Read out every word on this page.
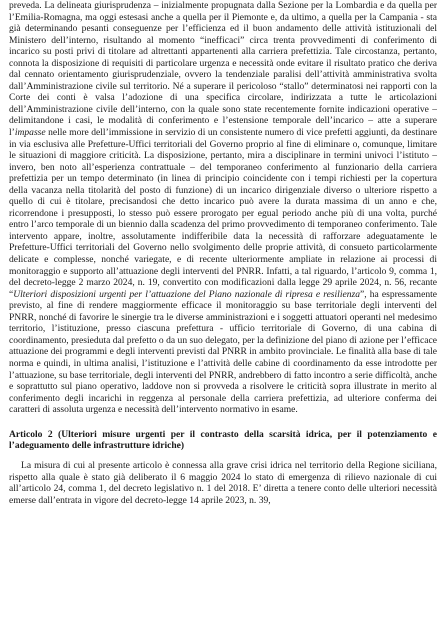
preveda. La delineata giurisprudenza – inizialmente propugnata dalla Sezione per la Lombardia e da quella per l’Emilia-Romagna, ma oggi estesasi anche a quella per il Piemonte e, da ultimo, a quella per la Campania - sta già determinando pesanti conseguenze per l’efficienza ed il buon andamento delle attività istituzionali del Ministero dell’interno, risultando al momento “inefficaci” circa trenta provvedimenti di conferimento di incarico su posti privi di titolare ad altrettanti appartenenti alla carriera prefettizia. Tale circostanza, pertanto, connota la disposizione di requisiti di particolare urgenza e necessità onde evitare il risultato pratico che deriva dal cennato orientamento giurisprudenziale, ovvero la tendenziale paralisi dell’attività amministrativa svolta dall’Amministrazione civile sul territorio. Né a superare il pericoloso “stallo” determinatosi nei rapporti con la Corte dei conti è valsa l’adozione di una specifica circolare, indirizzata a tutte le articolazioni dell’Amministrazione civile dell’interno, con la quale sono state recentemente fornite indicazioni operative – delimitandone i casi, le modalità di conferimento e l’estensione temporale dell’incarico – atte a superare l’impasse nelle more dell’immissione in servizio di un consistente numero di vice prefetti aggiunti, da destinare in via esclusiva alle Prefetture-Uffici territoriali del Governo proprio al fine di eliminare o, comunque, limitare le situazioni di maggiore criticità. La disposizione, pertanto, mira a disciplinare in termini univoci l’istituto – invero, ben noto all’esperienza contrattuale – del temporaneo conferimento al funzionario della carriera prefettizia per un tempo determinato (in linea di principio coincidente con i tempi richiesti per la copertura della vacanza nella titolarità del posto di funzione) di un incarico dirigenziale diverso o ulteriore rispetto a quello di cui è titolare, precisandosi che detto incarico può avere la durata massima di un anno e che, ricorrendone i presupposti, lo stesso può essere prorogato per egual periodo anche più di una volta, purché entro l’arco temporale di un biennio dalla scadenza del primo provvedimento di temporaneo conferimento. Tale intervento appare, inoltre, assolutamente indifferibile data la necessità di rafforzare adeguatamente le Prefetture-Uffici territoriali del Governo nello svolgimento delle proprie attività, di consueto particolarmente delicate e complesse, nonché variegate, e di recente ulteriormente ampliate in relazione ai processi di monitoraggio e supporto all’attuazione degli interventi del PNRR. Infatti, a tal riguardo, l’articolo 9, comma 1, del decreto-legge 2 marzo 2024, n. 19, convertito con modificazioni dalla legge 29 aprile 2024, n. 56, recante “Ulteriori disposizioni urgenti per l’attuazione del Piano nazionale di ripresa e resilienza”, ha espressamente previsto, al fine di rendere maggiormente efficace il monitoraggio su base territoriale degli interventi del PNRR, nonché di favorire le sinergie tra le diverse amministrazioni e i soggetti attuatori operanti nel medesimo territorio, l’istituzione, presso ciascuna prefettura - ufficio territoriale di Governo, di una cabina di coordinamento, presieduta dal prefetto o da un suo delegato, per la definizione del piano di azione per l’efficace attuazione dei programmi e degli interventi previsti dal PNRR in ambito provinciale. Le finalità alla base di tale norma e quindi, in ultima analisi, l’istituzione e l’attività delle cabine di coordinamento da esse introdotte per l’attuazione, su base territoriale, degli interventi del PNRR, andrebbero di fatto incontro a serie difficoltà, anche e soprattutto sul piano operativo, laddove non si provveda a risolvere le criticità sopra illustrate in merito al conferimento degli incarichi in reggenza al personale della carriera prefettizia, ad ulteriore conferma dei caratteri di assoluta urgenza e necessità dell’intervento normativo in esame.

Articolo 2 (Ulteriori misure urgenti per il contrasto della scarsità idrica, per il potenziamento e l’adeguamento delle infrastrutture idriche)

La misura di cui al presente articolo è connessa alla grave crisi idrica nel territorio della Regione siciliana, rispetto alla quale è stato già deliberato il 6 maggio 2024 lo stato di emergenza di rilievo nazionale di cui all’articolo 24, comma 1, del decreto legislativo n. 1 del 2018. E’ diretta a tenere conto delle ulteriori necessità emerse dall’entrata in vigore del decreto-legge 14 aprile 2023, n. 39,
